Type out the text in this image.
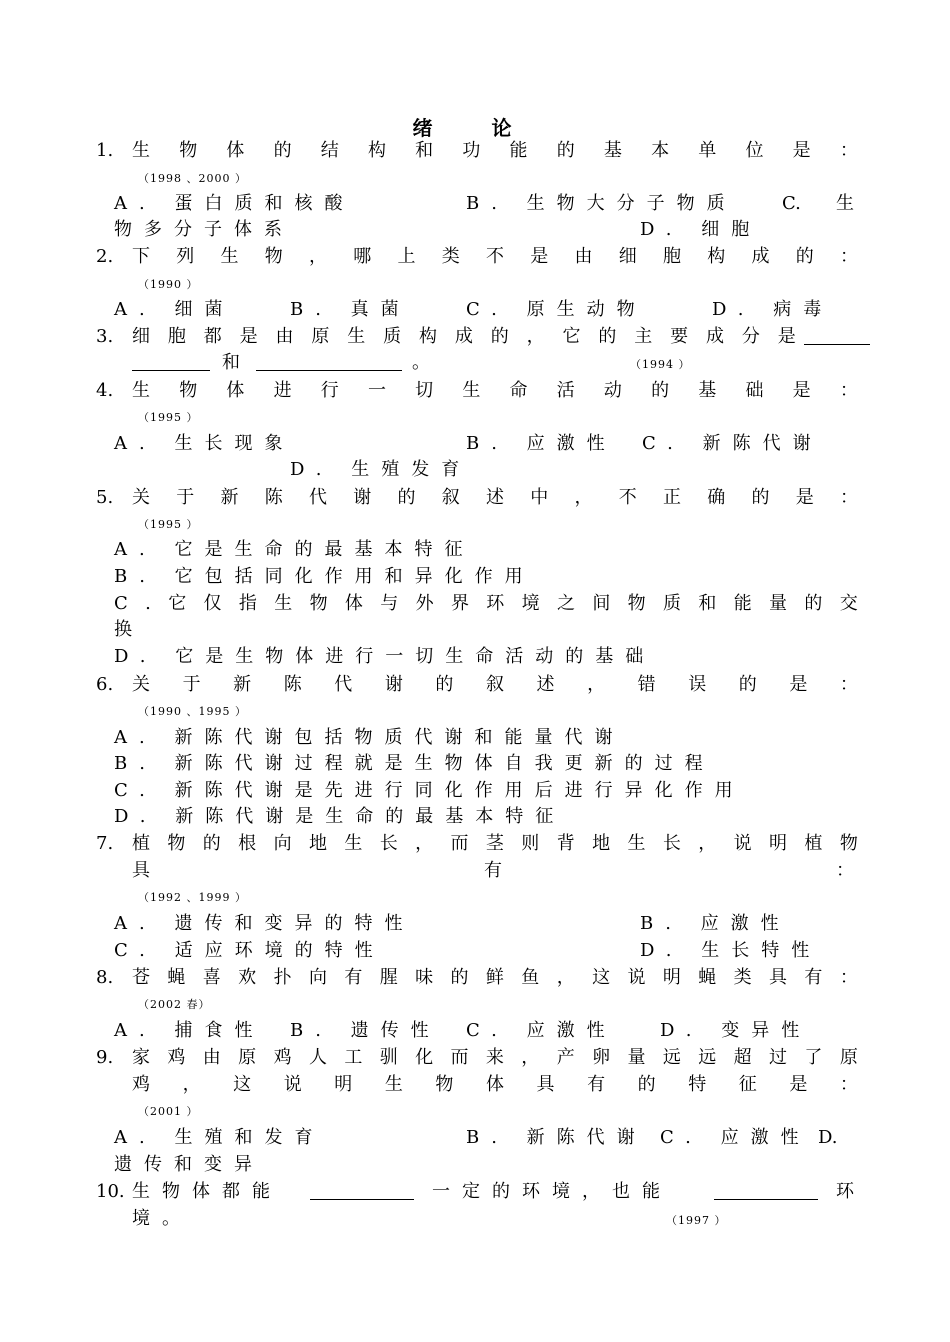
绪 论
1. 生 物 体 的 结 构 和 功 能 的 基 本 单 位 是 ：
（1998 、2000 ）
A. 蛋白质和核酸	B. 生物大分子物质	C. 生
物多分子体系	D. 细胞
2. 下 列 生 物 ， 哪 上 类 不 是 由 细 胞 构 成 的 ：
（1990 ）
A. 细菌	B. 真菌	C. 原生动物	D. 病毒
3. 细 胞 都 是 由 原 生 质 构 成 的 ， 它 的 主 要 成 分 是
和	。	（1994 ）
4. 生 物 体 进 行 一 切 生 命 活 动 的 基 础 是 ：
（1995 ）
A. 生长现象	B. 应激性 C. 新陈代谢
D. 生殖发育
5. 关 于 新 陈 代 谢 的 叙 述 中 ， 不 正 确 的 是 ：
（1995 ）
A. 它是生命的最基本特征
B. 它包括同化作用和异化作用
C . 它 仅 指 生 物 体 与 外 界 环 境 之 间 物 质 和 能 量 的 交
换
D. 它是生物体进行一切生命活动的基础
6. 关 于 新 陈 代 谢 的 叙 述 ， 错 误 的 是 ：
（1990 、1995 ）
A. 新陈代谢包括物质代谢和能量代谢
B. 新陈代谢过程就是生物体自我更新的过程
C. 新陈代谢是先进行同化作用后进行异化作用
D. 新陈代谢是生命的最基本特征
7. 植 物 的 根 向 地 生 长 ， 而 茎 则 背 地 生 长 ， 说 明 植 物
具	有	：
（1992 、1999 ）
A. 遗传和变异的特性	B. 应激性
C. 适应环境的特性	D. 生长特性
8. 苍 蝇 喜 欢 扑 向 有 腥 味 的 鲜 鱼 ， 这 说 明 蝇 类 具 有 ：
（2002 春）
A. 捕食性 B. 遗传性 C. 应激性 D. 变异性
9. 家 鸡 由 原 鸡 人 工 驯 化 而 来 ， 产 卵 量 远 远 超 过 了 原
鸡 ， 这 说 明 生 物 体 具 有 的 特 征 是 ：
（2001 ）
A. 生殖和发育	B. 新陈代谢 C. 应激性 D.
遗传和变异
10. 生物体都能	一定的环境，也能	环
境。	（1997 ）
